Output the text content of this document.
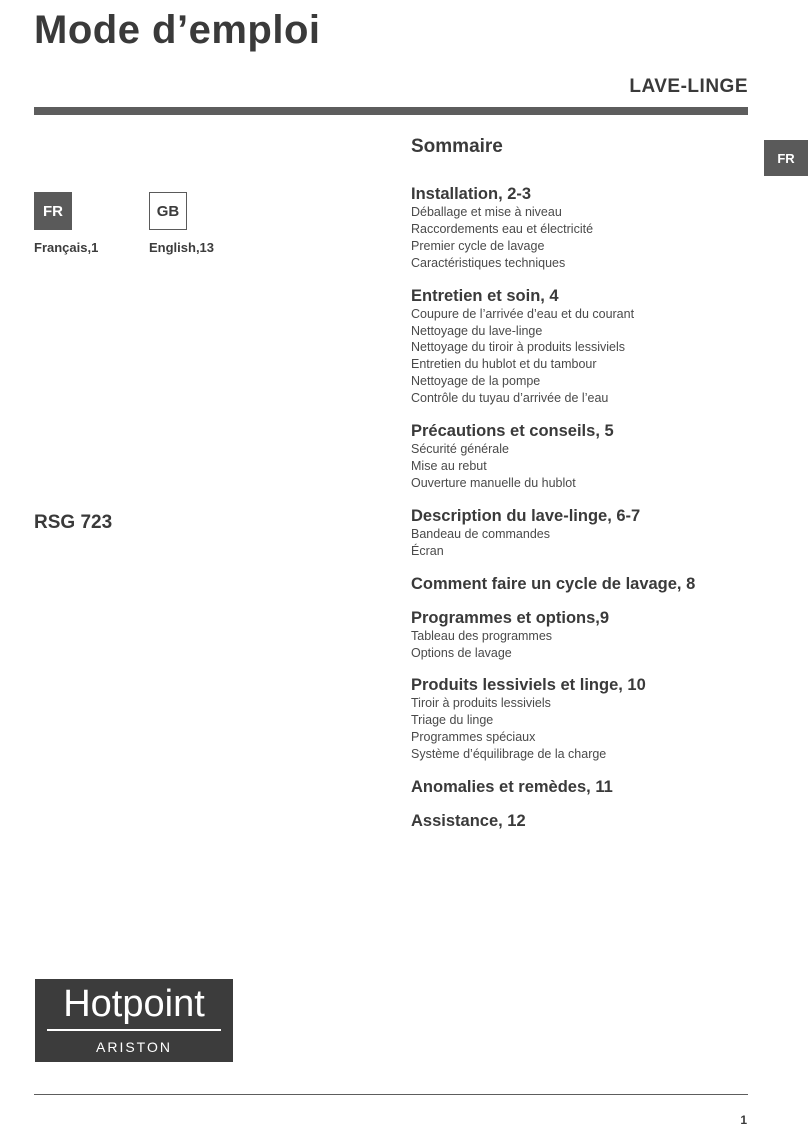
Mode d’emploi
LAVE-LINGE
FR
FR
Français,1
GB
English,13
RSG 723
Sommaire
Installation, 2-3
Déballage et mise à niveau
Raccordements eau et électricité
Premier cycle de lavage
Caractéristiques techniques
Entretien et soin, 4
Coupure de l’arrivée d’eau et du courant
Nettoyage du lave-linge
Nettoyage du tiroir à produits lessiviels
Entretien du hublot et du tambour
Nettoyage de la pompe
Contrôle du tuyau d’arrivée de l’eau
Précautions et conseils, 5
Sécurité générale
Mise au rebut
Ouverture manuelle du hublot
Description du lave-linge, 6-7
Bandeau de commandes
Écran
Comment faire un cycle de lavage, 8
Programmes et options,9
Tableau des programmes
Options de lavage
Produits lessiviels et linge, 10
Tiroir à produits lessiviels
Triage du linge
Programmes spéciaux
Système d’équilibrage de la charge
Anomalies et remèdes, 11
Assistance, 12
Hotpoint
ARISTON
1
